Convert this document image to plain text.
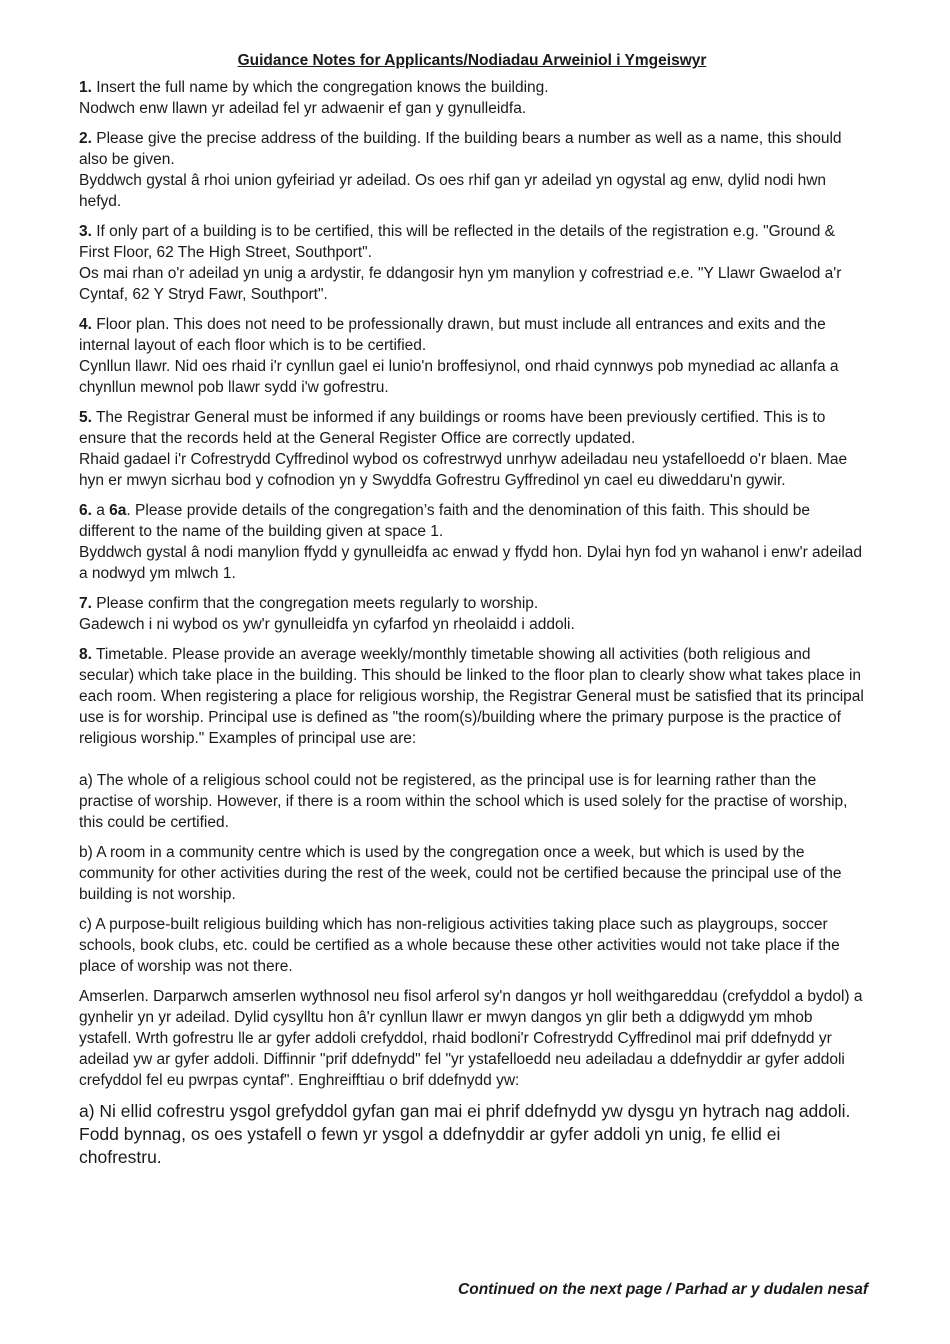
Guidance Notes for Applicants/Nodiadau Arweiniol i Ymgeiswyr

1. Insert the full name by which the congregation knows the building.

Nodwch enw llawn yr adeilad fel yr adwaenir ef gan y gynulleidfa.

2. Please give the precise address of the building. If the building bears a number as well as a name, this should also be given.

Byddwch gystal â rhoi union gyfeiriad yr adeilad. Os oes rhif gan yr adeilad yn ogystal ag enw, dylid nodi hwn hefyd.

3. If only part of a building is to be certified, this will be reflected in the details of the registration e.g. "Ground & First Floor, 62 The High Street, Southport".

Os mai rhan o'r adeilad yn unig a ardystir, fe ddangosir hyn ym manylion y cofrestriad e.e. "Y Llawr Gwaelod a'r Cyntaf, 62 Y Stryd Fawr, Southport".

4. Floor plan. This does not need to be professionally drawn, but must include all entrances and exits and the internal layout of each floor which is to be certified.

Cynllun llawr. Nid oes rhaid i'r cynllun gael ei lunio'n broffesiynol, ond rhaid cynnwys pob mynediad ac allanfa a chynllun mewnol pob llawr sydd i'w gofrestru.

5. The Registrar General must be informed if any buildings or rooms have been previously certified. This is to ensure that the records held at the General Register Office are correctly updated.

Rhaid gadael i'r Cofrestrydd Cyffredinol wybod os cofrestrwyd unrhyw adeiladau neu ystafelloedd o'r blaen. Mae hyn er mwyn sicrhau bod y cofnodion yn y Swyddfa Gofrestru Gyffredinol yn cael eu diweddaru'n gywir.

6. a 6a. Please provide details of the congregation’s faith and the denomination of this faith. This should be different to the name of the building given at space 1.

Byddwch gystal â nodi manylion ffydd y gynulleidfa ac enwad y ffydd hon. Dylai hyn fod yn wahanol i enw'r adeilad a nodwyd ym mlwch 1.

7. Please confirm that the congregation meets regularly to worship.

Gadewch i ni wybod os yw'r gynulleidfa yn cyfarfod yn rheolaidd i addoli.

8. Timetable. Please provide an average weekly/monthly timetable showing all activities (both religious and secular) which take place in the building. This should be linked to the floor plan to clearly show what takes place in each room. When registering a place for religious worship, the Registrar General must be satisfied that its principal use is for worship. Principal use is defined as "the room(s)/building where the primary purpose is the practice of religious worship." Examples of principal use are:

a) The whole of a religious school could not be registered, as the principal use is for learning rather than the practise of worship. However, if there is a room within the school which is used solely for the practise of worship, this could be certified.

b) A room in a community centre which is used by the congregation once a week, but which is used by the community for other activities during the rest of the week, could not be certified because the principal use of the building is not worship.

c) A purpose-built religious building which has non-religious activities taking place such as playgroups, soccer schools, book clubs, etc. could be certified as a whole because these other activities would not take place if the place of worship was not there.

Amserlen. Darparwch amserlen wythnosol neu fisol arferol sy'n dangos yr holl weithgareddau (crefyddol a bydol) a gynhelir yn yr adeilad. Dylid cysylltu hon â'r cynllun llawr er mwyn dangos yn glir beth a ddigwydd ym mhob ystafell. Wrth gofrestru lle ar gyfer addoli crefyddol, rhaid bodloni'r Cofrestrydd Cyffredinol mai prif ddefnydd yr adeilad yw ar gyfer addoli. Diffinnir "prif ddefnydd" fel "yr ystafelloedd neu adeiladau a ddefnyddir ar gyfer addoli crefyddol fel eu pwrpas cyntaf". Enghreifftiau o brif ddefnydd yw:

a) Ni ellid cofrestru ysgol grefyddol gyfan gan mai ei phrif ddefnydd yw dysgu yn hytrach nag addoli. Fodd bynnag, os oes ystafell o fewn yr ysgol a ddefnyddir ar gyfer addoli yn unig, fe ellid ei chofrestru.
Continued on the next page / Parhad ar y dudalen nesaf
